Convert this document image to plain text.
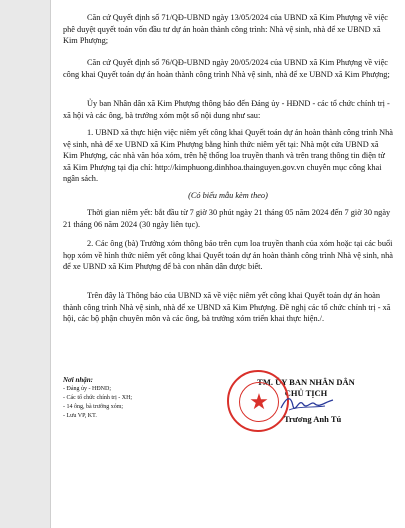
Căn cứ Quyết định số 71/QĐ-UBND ngày 13/05/2024 của UBND xã Kim Phượng về việc phê duyệt quyết toán vốn đầu tư dự án hoàn thành công trình: Nhà vệ sinh, nhà để xe UBND xã Kim Phượng;
Căn cứ Quyết định số 76/QĐ-UBND ngày 20/05/2024 của UBND xã Kim Phượng về việc công khai Quyết toán dự án hoàn thành công trình Nhà vệ sinh, nhà để xe UBND xã Kim Phượng;
Ủy ban Nhân dân xã Kim Phượng thông báo đến Đảng ủy - HĐND - các tổ chức chính trị - xã hội và các ông, bà trưởng xóm một số nội dung như sau:
1. UBND xã thực hiện việc niêm yết công khai Quyết toán dự án hoàn thành công trình Nhà vệ sinh, nhà để xe UBND xã Kim Phượng bằng hình thức niêm yết tại: Nhà một cửa UBND xã Kim Phượng, các nhà văn hóa xóm, trên hệ thống loa truyền thanh và trên trang thông tin điện tử xã Kim Phượng tại địa chỉ: http://kimphuong.dinhhoa.thainguyen.gov.vn chuyên mục công khai ngân sách.
(Có biểu mẫu kèm theo)
Thời gian niêm yết: bắt đầu từ 7 giờ 30 phút ngày 21 tháng 05 năm 2024 đến 7 giờ 30 ngày 21 tháng 06 năm 2024 (30 ngày liên tục).
2. Các ông (bà) Trưởng xóm thông báo trên cụm loa truyền thanh của xóm hoặc tại các buổi họp xóm về hình thức niêm yết công khai Quyết toán dự án hoàn thành công trình Nhà vệ sinh, nhà để xe UBND xã Kim Phượng để bà con nhân dân được biết.
Trên đây là Thông báo của UBND xã về việc niêm yết công khai Quyết toán dự án hoàn thành công trình Nhà vệ sinh, nhà để xe UBND xã Kim Phượng. Đề nghị các tổ chức chính trị - xã hội, các bộ phận chuyên môn và các ông, bà trưởng xóm triển khai thực hiện./.
Nơi nhận:
- Đảng ủy - HĐND;
- Các tổ chức chính trị - XH;
- 14 ông, bà trưởng xóm;
- Lưu VP, KT.
TM. ỦY BAN NHÂN DÂN
CHỦ TỊCH
★
Trương Anh Tú
